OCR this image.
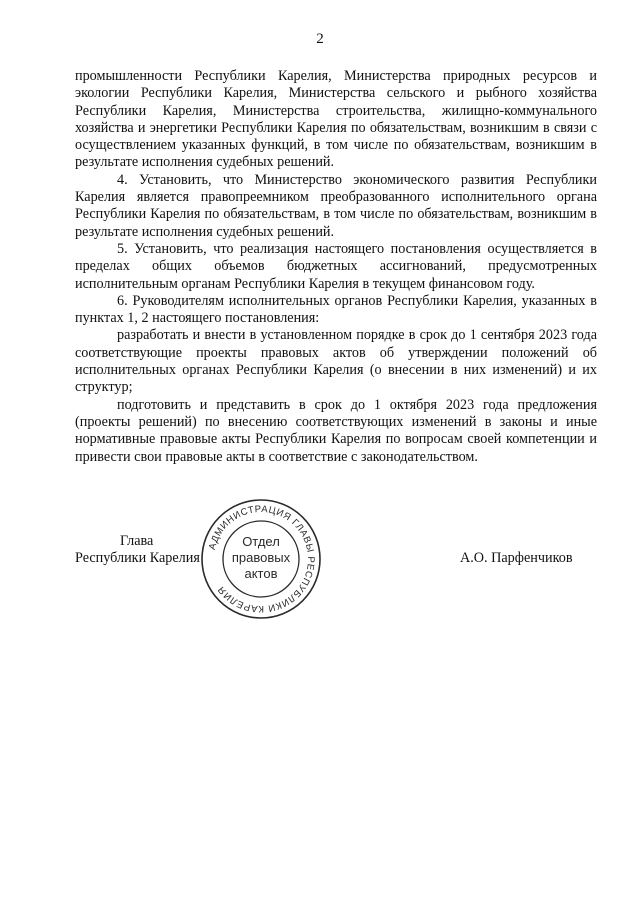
2

промышленности Республики Карелия, Министерства природных ресурсов и экологии Республики Карелия, Министерства сельского и рыбного хозяйства Республики Карелия, Министерства строительства, жилищно-коммунального хозяйства и энергетики Республики Карелия по обязательствам, возникшим в связи с осуществлением указанных функций, в том числе по обязательствам, возникшим в результате исполнения судебных решений.

4. Установить, что Министерство экономического развития Республики Карелия является правопреемником преобразованного исполнительного органа Республики Карелия по обязательствам, в том числе по обязательствам, возникшим в результате исполнения судебных решений.

5. Установить, что реализация настоящего постановления осуществляется в пределах общих объемов бюджетных ассигнований, предусмотренных исполнительным органам Республики Карелия в текущем финансовом году.

6. Руководителям исполнительных органов Республики Карелия, указанных в пунктах 1, 2 настоящего постановления:

разработать и внести в установленном порядке в срок до 1 сентября 2023 года соответствующие проекты правовых актов об утверждении положений об исполнительных органах Республики Карелия (о внесении в них изменений) и их структур;

подготовить и представить в срок до 1 октября 2023 года предложения (проекты решений) по внесению соответствующих изменений в законы и иные нормативные правовые акты Республики Карелия по вопросам своей компетенции и привести свои правовые акты в соответствие с законодательством.

Глава
Республики Карелия	А.О. Парфенчиков
АДМИНИСТРАЦИЯ ГЛАВЫ РЕСПУБЛИКИ КАРЕЛИЯ
Отдел
правовых
актов
